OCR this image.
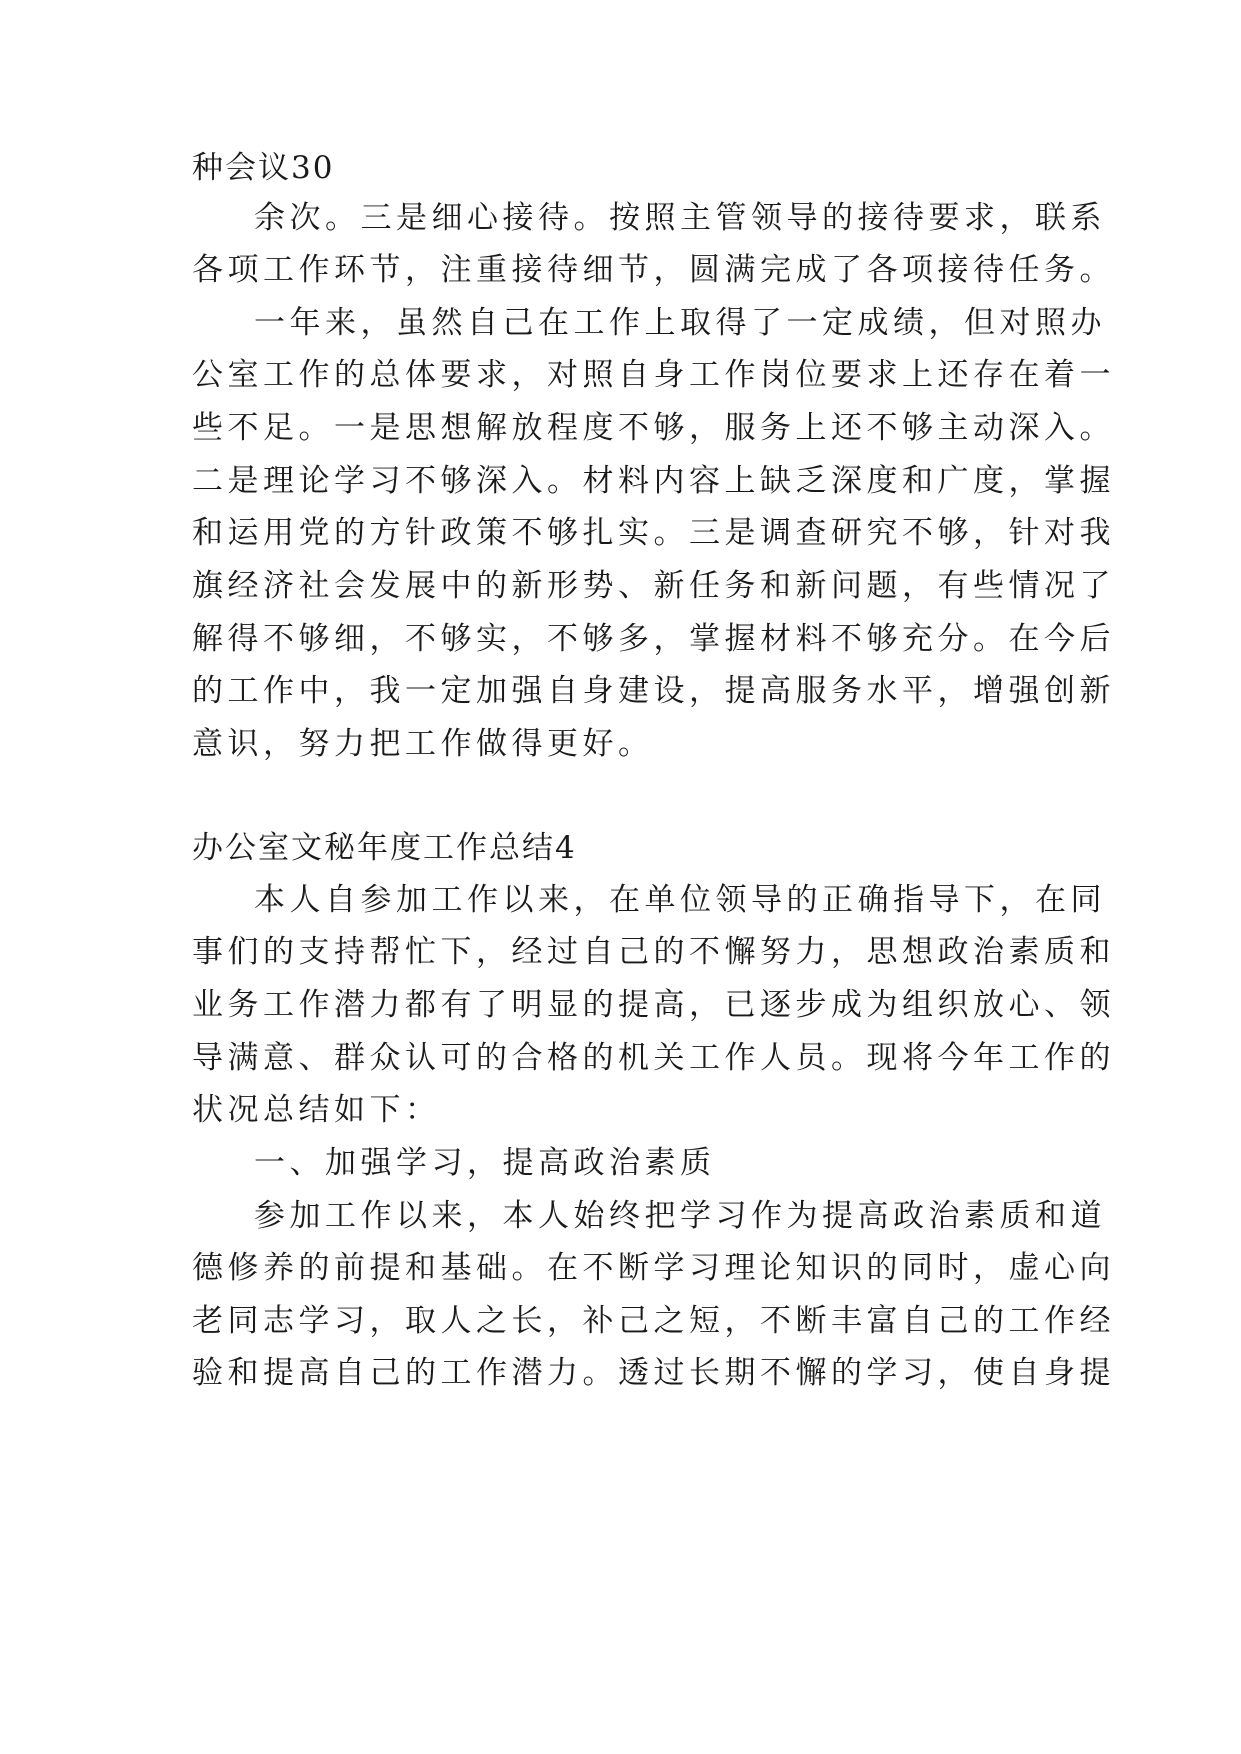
种会议30
余次。三是细心接待。按照主管领导的接待要求，联系
各项工作环节，注重接待细节，圆满完成了各项接待任务。
一年来，虽然自己在工作上取得了一定成绩，但对照办
公室工作的总体要求，对照自身工作岗位要求上还存在着一
些不足。一是思想解放程度不够，服务上还不够主动深入。
二是理论学习不够深入。材料内容上缺乏深度和广度，掌握
和运用党的方针政策不够扎实。三是调查研究不够，针对我
旗经济社会发展中的新形势、新任务和新问题，有些情况了
解得不够细，不够实，不够多，掌握材料不够充分。在今后
的工作中，我一定加强自身建设，提高服务水平，增强创新
意识，努力把工作做得更好。
办公室文秘年度工作总结4
本人自参加工作以来，在单位领导的正确指导下，在同
事们的支持帮忙下，经过自己的不懈努力，思想政治素质和
业务工作潜力都有了明显的提高，已逐步成为组织放心、领
导满意、群众认可的合格的机关工作人员。现将今年工作的
状况总结如下：
一、加强学习，提高政治素质
参加工作以来，本人始终把学习作为提高政治素质和道
德修养的前提和基础。在不断学习理论知识的同时，虚心向
老同志学习，取人之长，补己之短，不断丰富自己的工作经
验和提高自己的工作潜力。透过长期不懈的学习，使自身提
